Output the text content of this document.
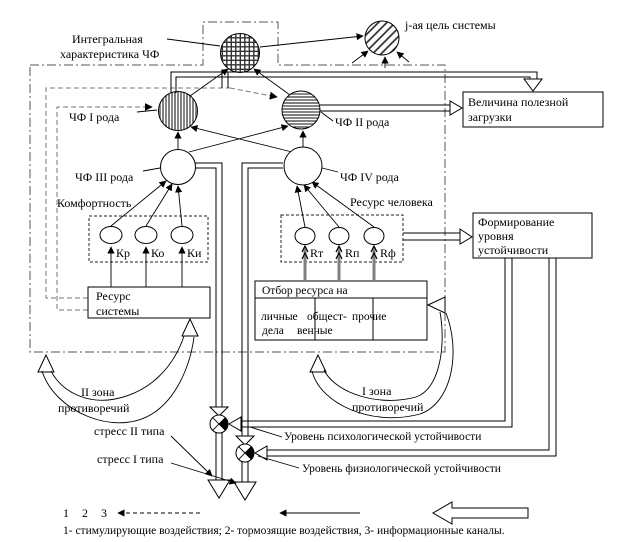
Ресурс
системы
Отбор ресурса на
личные
дела
общест-
венные
прочие
Величина полезной
загрузки
Формирование
уровня
устойчивости
Кр Ко Ки	Rт Rп Rф
Интегральная
характеристика ЧФ
j-ая цель системы
ЧФ I рода	ЧФ II рода
ЧФ III рода	ЧФ IV рода
Комфортность	Ресурс человека
II зона
противоречий
I зона
противоречий
стресс II типа
стресс I типа
Уровень психологической устойчивости
Уровень физиологической устойчивости
1 2 3
1- стимулирующие воздействия; 2- тормозящие воздействия, 3- информационные каналы.
